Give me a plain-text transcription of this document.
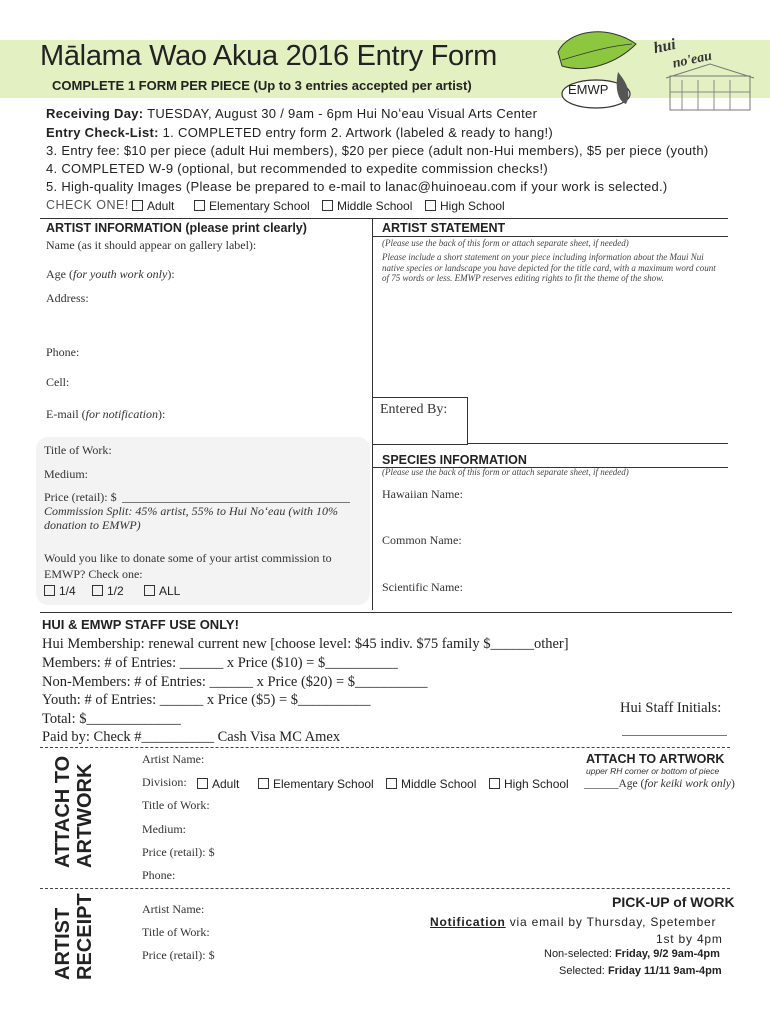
Mālama Wao Akua 2016 Entry Form
COMPLETE 1 FORM PER PIECE (Up to 3 entries accepted per artist)	EMWP
hui
no'eau
Receiving Day: TUESDAY, August 30 / 9am - 6pm Hui Noʻeau Visual Arts Center
Entry Check-List: 1. COMPLETED entry form 2. Artwork (labeled & ready to hang!)
3. Entry fee: $10 per piece (adult Hui members), $20 per piece (adult non-Hui members), $5 per piece (youth)
4. COMPLETED W-9 (optional, but recommended to expedite commission checks!)
5. High-quality Images (Please be prepared to e-mail to lanac@huinoeau.com if your work is selected.)
CHECK ONE!	Adult	Elementary School	Middle School	High School
ARTIST INFORMATION (please print clearly)
Name (as it should appear on gallery label):
Age (for youth work only):
Address:
Phone:
Cell:
E-mail (for notification):
ARTIST STATEMENT
(Please use the back of this form or attach separate sheet, if needed)
Please include a short statement on your piece including information about the Maui Nui native species or landscape you have depicted for the title card, with a maximum word count of 75 words or less. EMWP reserves editing rights to fit the theme of the show.
Entered By:
Title of Work:
Medium:
Price (retail): $
Commission Split: 45% artist, 55% to Hui Noʻeau (with 10% donation to EMWP)
Would you like to donate some of your artist commission to EMWP? Check one:
1/4	1/2	ALL
SPECIES INFORMATION
(Please use the back of this form or attach separate sheet, if needed)
Hawaiian Name:
Common Name:
Scientific Name:
HUI & EMWP STAFF USE ONLY!
Hui Membership: renewal current new [choose level: $45 indiv. $75 family $______other]
Members: # of Entries: ______ x Price ($10) = $__________
Non-Members: # of Entries: ______ x Price ($20) = $__________
Youth: # of Entries: ______ x Price ($5) = $__________
Total: $_____________
Paid by: Check #__________ Cash Visa MC Amex
Hui Staff Initials:
ATTACH TO ARTWORK
Artist Name:
Division:	Adult	Elementary School	Middle School	High School
Title of Work:
Medium:
Price (retail): $
Phone:
ATTACH TO ARTWORK
upper RH corner or bottom of piece
______Age (for keiki work only)
ARTIST RECEIPT	Artist Name:
Title of Work:
Price (retail): $
PICK-UP of WORK
Notification via email by Thursday, Spetember
1st by 4pm
Non-selected: Friday, 9/2 9am-4pm
Selected: Friday 11/11 9am-4pm
